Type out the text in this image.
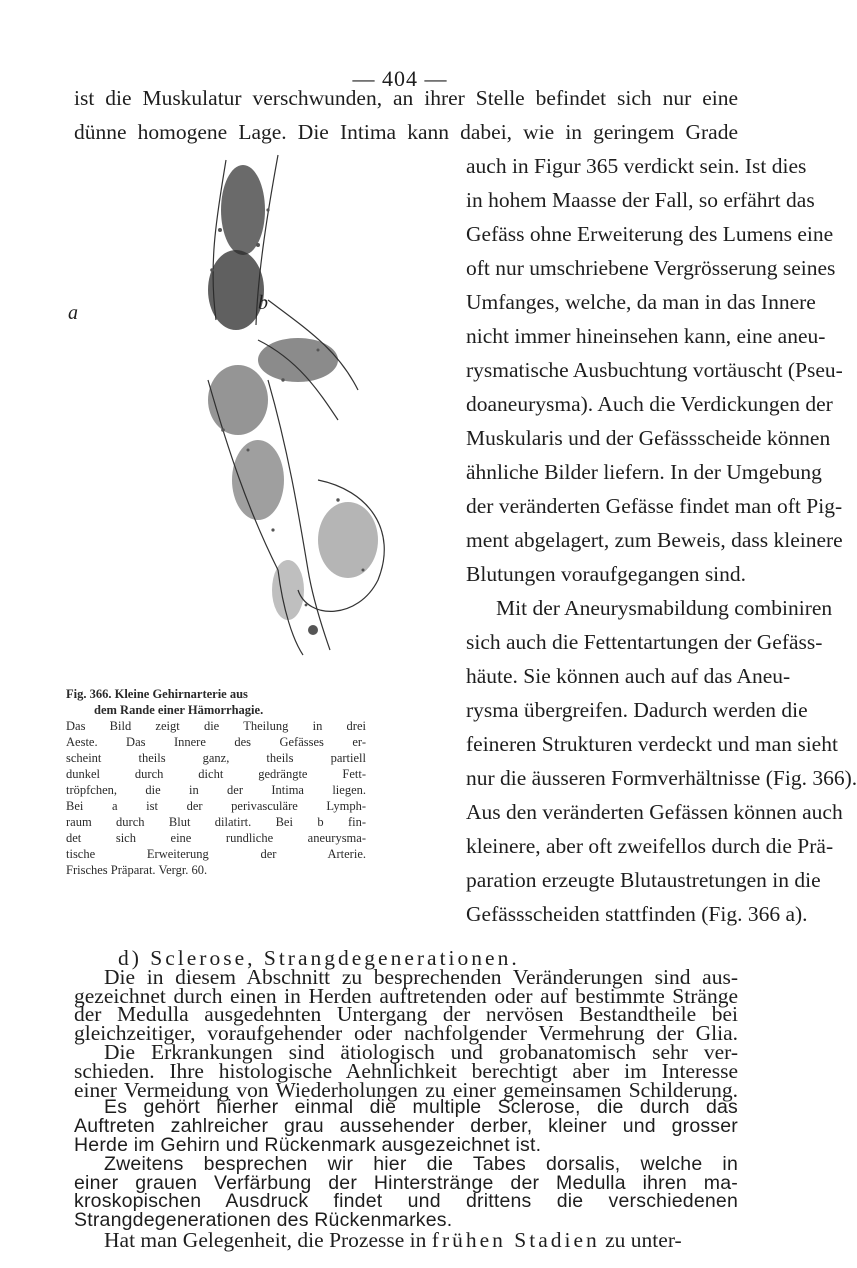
— 404 —
ist die Muskulatur verschwunden, an ihrer Stelle befindet sich nur eine
dünne homogene Lage. Die Intima kann dabei, wie in geringem Grade
a	b
Fig. 366. Kleine Gehirnarterie aus
dem Rande einer Hämorrhagie.
Das Bild zeigt die Theilung in drei
Aeste. Das Innere des Gefässes er-
scheint theils ganz, theils partiell
dunkel durch dicht gedrängte Fett-
tröpfchen, die in der Intima liegen.
Bei a ist der perivasculäre Lymph-
raum durch Blut dilatirt. Bei b fin-
det sich eine rundliche aneurysma-
tische Erweiterung der Arterie.
Frisches Präparat. Vergr. 60.
auch in Figur 365 verdickt sein. Ist dies
in hohem Maasse der Fall, so erfährt das
Gefäss ohne Erweiterung des Lumens eine
oft nur umschriebene Vergrösserung seines
Umfanges, welche, da man in das Innere
nicht immer hineinsehen kann, eine aneu-
rysmatische Ausbuchtung vortäuscht (Pseu-
doaneurysma). Auch die Verdickungen der
Muskularis und der Gefässscheide können
ähnliche Bilder liefern. In der Umgebung
der veränderten Gefässe findet man oft Pig-
ment abgelagert, zum Beweis, dass kleinere
Blutungen voraufgegangen sind.
Mit der Aneurysmabildung combiniren
sich auch die Fettentartungen der Gefäss-
häute. Sie können auch auf das Aneu-
rysma übergreifen. Dadurch werden die
feineren Strukturen verdeckt und man sieht
nur die äusseren Formverhältnisse (Fig. 366).
Aus den veränderten Gefässen können auch
kleinere, aber oft zweifellos durch die Prä-
paration erzeugte Blutaustretungen in die
Gefässscheiden stattfinden (Fig. 366 a).
d) Sclerose, Strangdegenerationen.
Die in diesem Abschnitt zu besprechenden Veränderungen sind aus-
gezeichnet durch einen in Herden auftretenden oder auf bestimmte Stränge
der Medulla ausgedehnten Untergang der nervösen Bestandtheile bei
gleichzeitiger, voraufgehender oder nachfolgender Vermehrung der Glia.
Die Erkrankungen sind ätiologisch und grobanatomisch sehr ver-
schieden. Ihre histologische Aehnlichkeit berechtigt aber im Interesse
einer Vermeidung von Wiederholungen zu einer gemeinsamen Schilderung.
Es gehört hierher einmal die multiple Sclerose, die durch das
Auftreten zahlreicher grau aussehender derber, kleiner und grosser
Herde im Gehirn und Rückenmark ausgezeichnet ist.
Zweitens besprechen wir hier die Tabes dorsalis, welche in
einer grauen Verfärbung der Hinterstränge der Medulla ihren ma-
kroskopischen Ausdruck findet und drittens die verschiedenen
Strangdegenerationen des Rückenmarkes.
Hat man Gelegenheit, die Prozesse in frühen Stadien zu unter-
